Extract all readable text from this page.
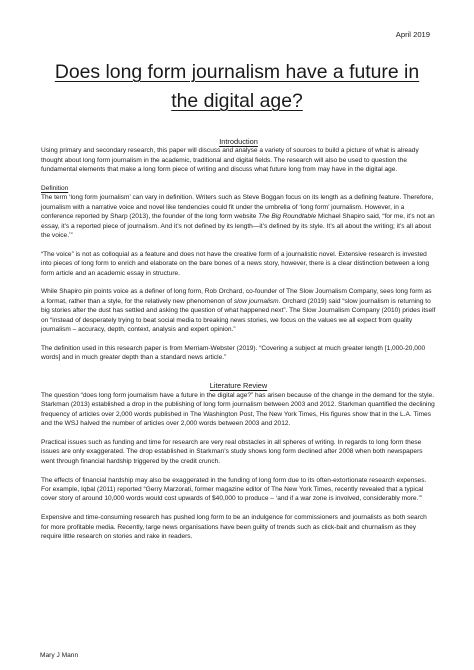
April 2019
Does long form journalism have a future in the digital age?

Introduction

Using primary and secondary research, this paper will discuss and analyse a variety of sources to build a picture of what is already thought about long form journalism in the academic, traditional and digital fields. The research will also be used to question the fundamental elements that make a long form piece of writing and discuss what future long from may have in the digital age.

Definition

The term ‘long form journalism’ can vary in definition. Writers such as Steve Boggan focus on its length as a defining feature. Therefore, journalism with a narrative voice and novel like tendencies could fit under the umbrella of ‘long form’ journalism. However, in a conference reported by Sharp (2013), the founder of the long form website The Big Roundtable Michael Shapiro said, “for me, it’s not an essay, it’s a reported piece of journalism. And it’s not defined by its length—it’s defined by its style. It’s all about the writing; it’s all about the voice.’”

“The voice” is not as colloquial as a feature and does not have the creative form of a journalistic novel. Extensive research is invested into pieces of long form to enrich and elaborate on the bare bones of a news story, however, there is a clear distinction between a long form article and an academic essay in structure.

While Shapiro pin points voice as a definer of long form, Rob Orchard, co-founder of The Slow Journalism Company, sees long form as a format, rather than a style, for the relatively new phenomenon of slow journalism. Orchard (2019) said “slow journalism is returning to big stories after the dust has settled and asking the question of what happened next”. The Slow Journalism Company (2010) prides itself on “instead of desperately trying to beat social media to breaking news stories, we focus on the values we all expect from quality journalism – accuracy, depth, context, analysis and expert opinion.”

The definition used in this research paper is from Merriam-Webster (2019). “Covering a subject at much greater length [1,000-20,000 words] and in much greater depth than a standard news article.”

Literature Review

The question “does long form journalism have a future in the digital age?” has arisen because of the change in the demand for the style. Starkman (2013) established a drop in the publishing of long form journalism between 2003 and 2012. Starkman quantified the declining frequency of articles over 2,000 words published in The Washington Post, The New York Times, His figures show that in the L.A. Times and the WSJ halved the number of articles over 2,000 words between 2003 and 2012.

Practical issues such as funding and time for research are very real obstacles in all spheres of writing. In regards to long form these issues are only exaggerated. The drop established in Starkman’s study shows long form declined after 2008 when both newspapers went through financial hardship triggered by the credit crunch.

The effects of financial hardship may also be exaggerated in the funding of long form due to its often-extortionate research expenses. For example, Iqbal (2011) reported “Gerry Marzorati, former magazine editor of The New York Times, recently revealed that a typical cover story of around 10,000 words would cost upwards of $40,000 to produce – ‘and if a war zone is involved, considerably more.’”

Expensive and time-consuming research has pushed long form to be an indulgence for commissioners and journalists as both search for more profitable media. Recently, large news organisations have been guilty of trends such as click-bait and churnalism as they require little research on stories and rake in readers.

Mary J Mann
